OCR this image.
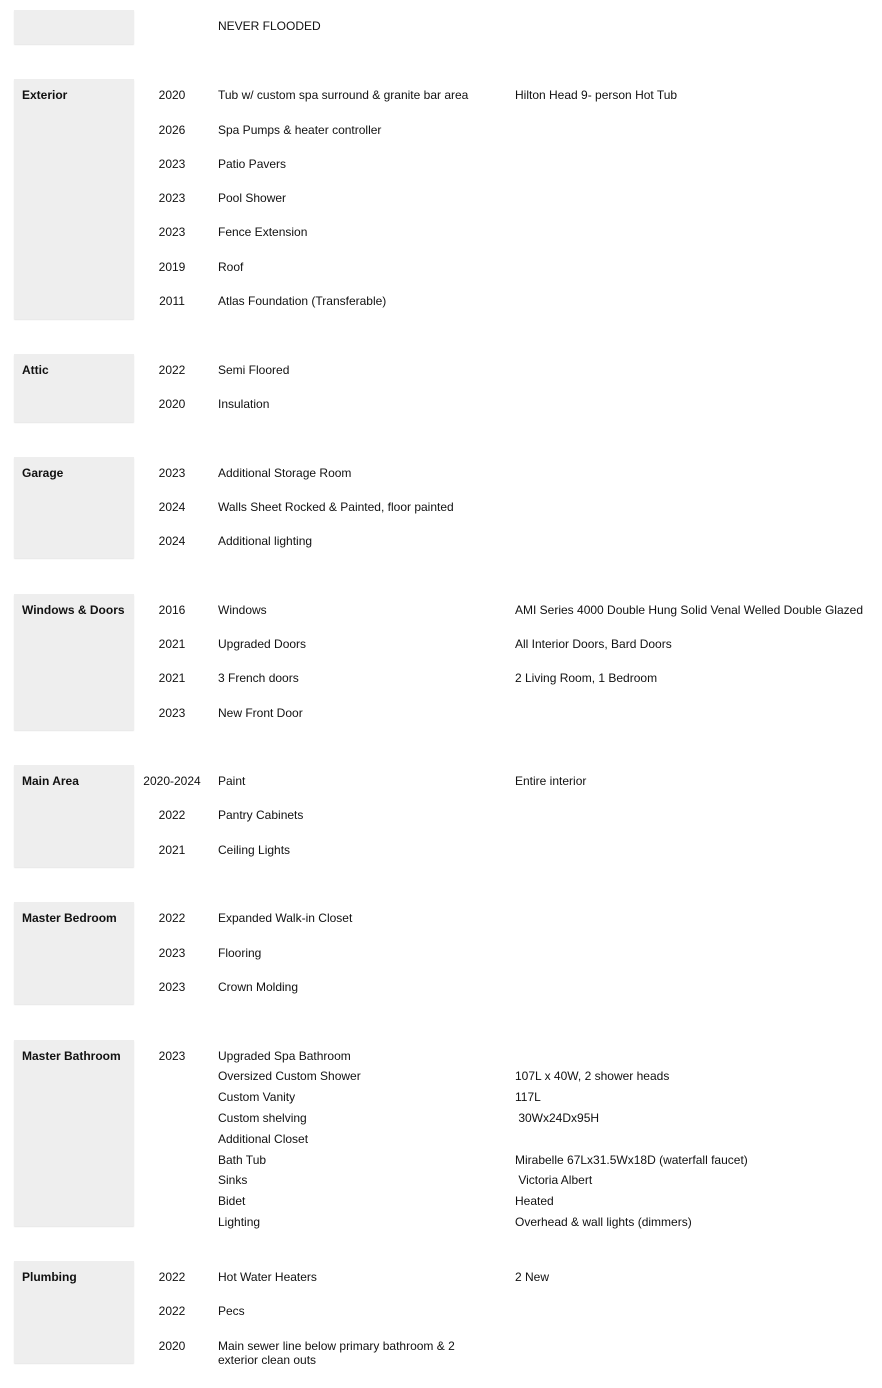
NEVER FLOODED
Exterior	2020	Tub w/ custom spa surround & granite bar area	Hilton Head 9- person Hot Tub
2026	Spa Pumps & heater controller
2023	Patio Pavers
2023	Pool Shower
2023	Fence Extension
2019	Roof
2011	Atlas Foundation (Transferable)
Attic	2022	Semi Floored
2020	Insulation
Garage	2023	Additional Storage Room
2024	Walls Sheet Rocked & Painted, floor painted
2024	Additional lighting
Windows & Doors	2016	Windows	AMI Series 4000 Double Hung Solid Venal Welled Double Glazed
2021	Upgraded Doors	All Interior Doors, Bard Doors
2021	3 French doors	2 Living Room, 1 Bedroom
2023	New Front Door
Main Area	2020-2024	Paint	Entire interior
2022	Pantry Cabinets
2021	Ceiling Lights
Master Bedroom	2022	Expanded Walk-in Closet
2023	Flooring
2023	Crown Molding
Master Bathroom	2023	Upgraded Spa Bathroom
Oversized Custom Shower	107L x 40W, 2 shower heads
Custom Vanity	117L
Custom shelving	30Wx24Dx95H
Additional Closet
Bath Tub	Mirabelle 67Lx31.5Wx18D (waterfall faucet)
Sinks	Victoria Albert
Bidet	Heated
Lighting	Overhead & wall lights (dimmers)
Plumbing	2022	Hot Water Heaters	2 New
2022	Pecs
2020	Main sewer line below primary bathroom & 2 exterior clean outs
